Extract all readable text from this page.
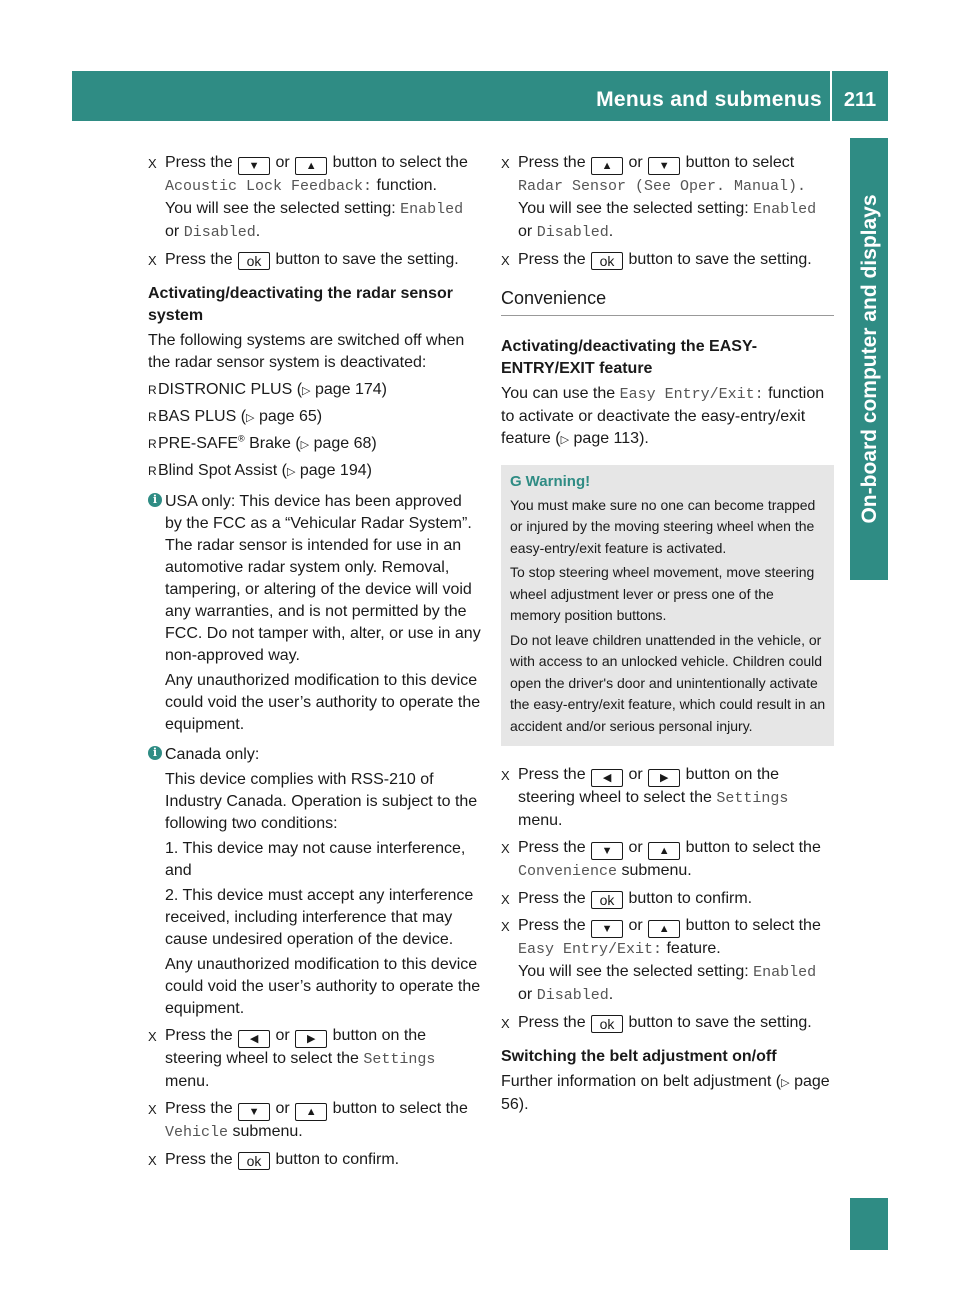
Menus and submenus	211
On-board computer and displays
X Press the ▼ or ▲ button to select the Acoustic Lock Feedback: function.
You will see the selected setting: Enabled
or Disabled.
X Press the ok button to save the setting.
Activating/deactivating the radar sensor system
The following systems are switched off when the radar sensor system is deactivated:
R DISTRONIC PLUS (▷ page 174)
R BAS PLUS (▷ page 65)
R PRE-SAFE® Brake (▷ page 68)
R Blind Spot Assist (▷ page 194)
i USA only: This device has been approved by the FCC as a “Vehicular Radar System”. The radar sensor is intended for use in an automotive radar system only. Removal, tampering, or altering of the device will void any warranties, and is not permitted by the FCC. Do not tamper with, alter, or use in any non-approved way.

Any unauthorized modification to this device could void the user’s authority to operate the equipment.

i Canada only:

This device complies with RSS-210 of Industry Canada. Operation is subject to the following two conditions:

1. This device may not cause interference, and

2. This device must accept any interference received, including interference that may cause undesired operation of the device.

Any unauthorized modification to this device could void the user’s authority to operate the equipment.

X Press the ◀ or ▶ button on the steering wheel to select the Settings
menu.
X Press the ▼ or ▲ button to select the
Vehicle submenu.
X Press the ok button to confirm.
X Press the ▲ or ▼ button to select
Radar Sensor (See Oper. Manual).
You will see the selected setting: Enabled
or Disabled.
X Press the ok button to save the setting.
Convenience
Activating/deactivating the EASY-ENTRY/EXIT feature
You can use the Easy Entry/Exit: function to activate or deactivate the easy-entry/exit feature (▷ page 113).
G Warning!

You must make sure no one can become trapped or injured by the moving steering wheel when the easy-entry/exit feature is activated.

To stop steering wheel movement, move steering wheel adjustment lever or press one of the memory position buttons.

Do not leave children unattended in the vehicle, or with access to an unlocked vehicle. Children could open the driver's door and unintentionally activate the easy-entry/exit feature, which could result in an accident and/or serious personal injury.

X Press the ◀ or ▶ button on the steering wheel to select the Settings
menu.
X Press the ▼ or ▲ button to select the
Convenience submenu.
X Press the ok button to confirm.
X Press the ▼ or ▲ button to select the
Easy Entry/Exit: feature.
You will see the selected setting: Enabled
or Disabled.
X Press the ok button to save the setting.
Switching the belt adjustment on/off
Further information on belt adjustment (▷ page 56).
